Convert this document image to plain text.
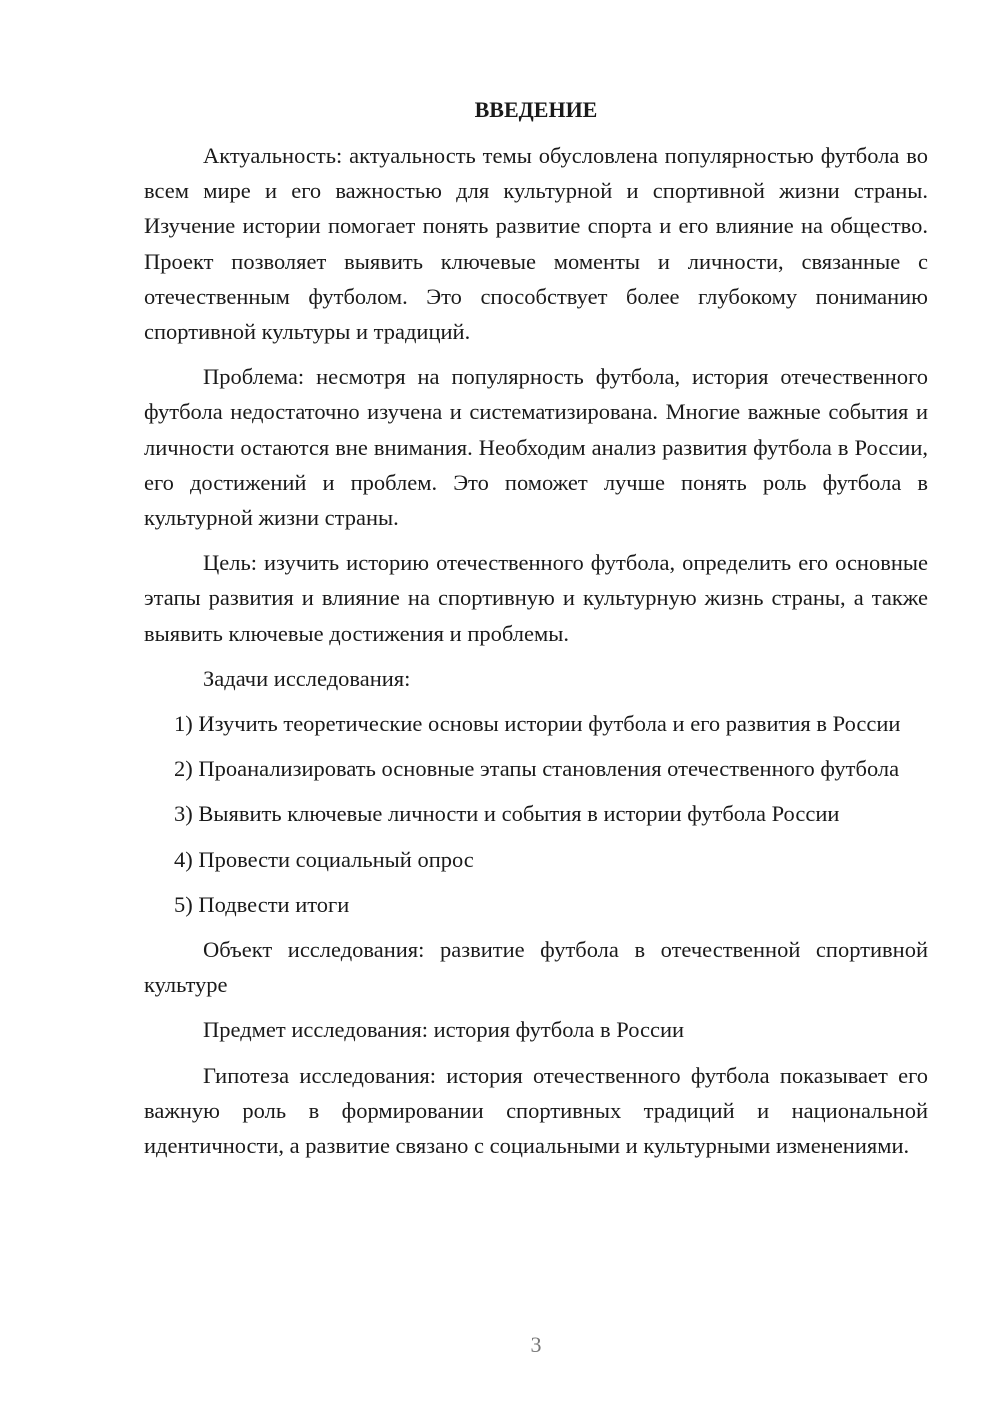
ВВЕДЕНИЕ

Актуальность: актуальность темы обусловлена популярностью футбола во всем мире и его важностью для культурной и спортивной жизни страны. Изучение истории помогает понять развитие спорта и его влияние на общество. Проект позволяет выявить ключевые моменты и личности, связанные с отечественным футболом. Это способствует более глубокому пониманию спортивной культуры и традиций.

Проблема: несмотря на популярность футбола, история отечественного футбола недостаточно изучена и систематизирована. Многие важные события и личности остаются вне внимания. Необходим анализ развития футбола в России, его достижений и проблем. Это поможет лучше понять роль футбола в культурной жизни страны.

Цель: изучить историю отечественного футбола, определить его основные этапы развития и влияние на спортивную и культурную жизнь страны, а также выявить ключевые достижения и проблемы.

Задачи исследования:

1) Изучить теоретические основы истории футбола и его развития в России

2) Проанализировать основные этапы становления отечественного футбола

3) Выявить ключевые личности и события в истории футбола России

4) Провести социальный опрос

5) Подвести итоги

Объект исследования: развитие футбола в отечественной спортивной культуре

Предмет исследования: история футбола в России

Гипотеза исследования: история отечественного футбола показывает его важную роль в формировании спортивных традиций и национальной идентичности, а развитие связано с социальными и культурными изменениями.

3
